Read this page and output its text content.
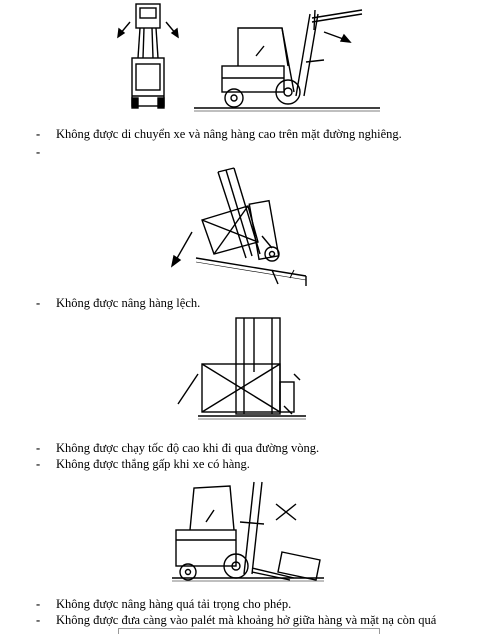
- Không được di chuyển xe và nâng hàng cao trên mặt đường nghiêng.
-
- Không được nâng hàng lệch.
- Không được chạy tốc độ cao khi đi qua đường vòng.
- Không được thắng gấp khi xe có hàng.
- Không được nâng hàng quá tải trọng cho phép.
- Không được đưa càng vào palét mà khoảng hở giữa hàng và mặt nạ còn quá
